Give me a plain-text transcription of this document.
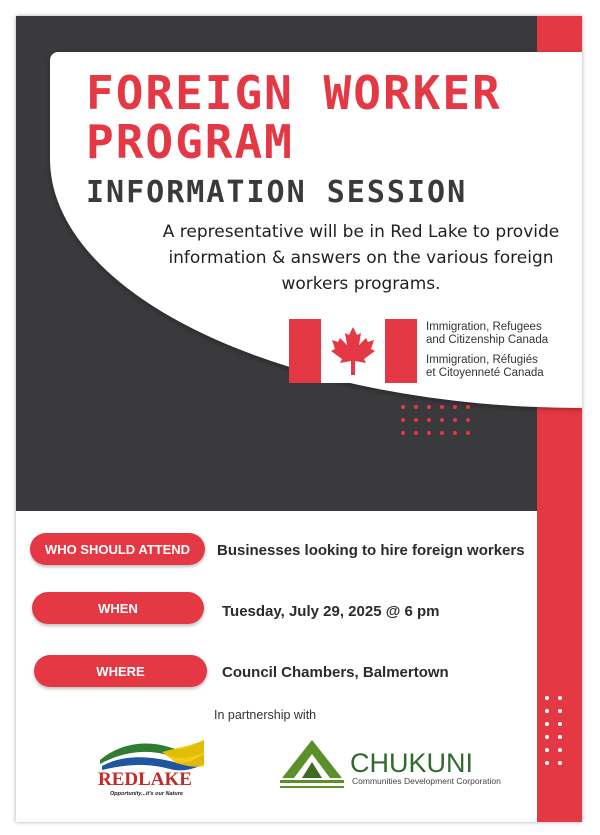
FOREIGN WORKER
PROGRAM
INFORMATION SESSION

A representative will be in Red Lake to provide information & answers on the various foreign workers programs.

Immigration, Refugees
and Citizenship Canada

Immigration, Réfugiés
et Citoyenneté Canada

WHO SHOULD ATTEND	Businesses looking to hire foreign workers

WHEN	Tuesday, July 29, 2025 @ 6 pm

WHERE	Council Chambers, Balmertown

In partnership with

REDLAKE
Opportunity...it's our Nature
CHUKUNI
Communities Development Corporation
